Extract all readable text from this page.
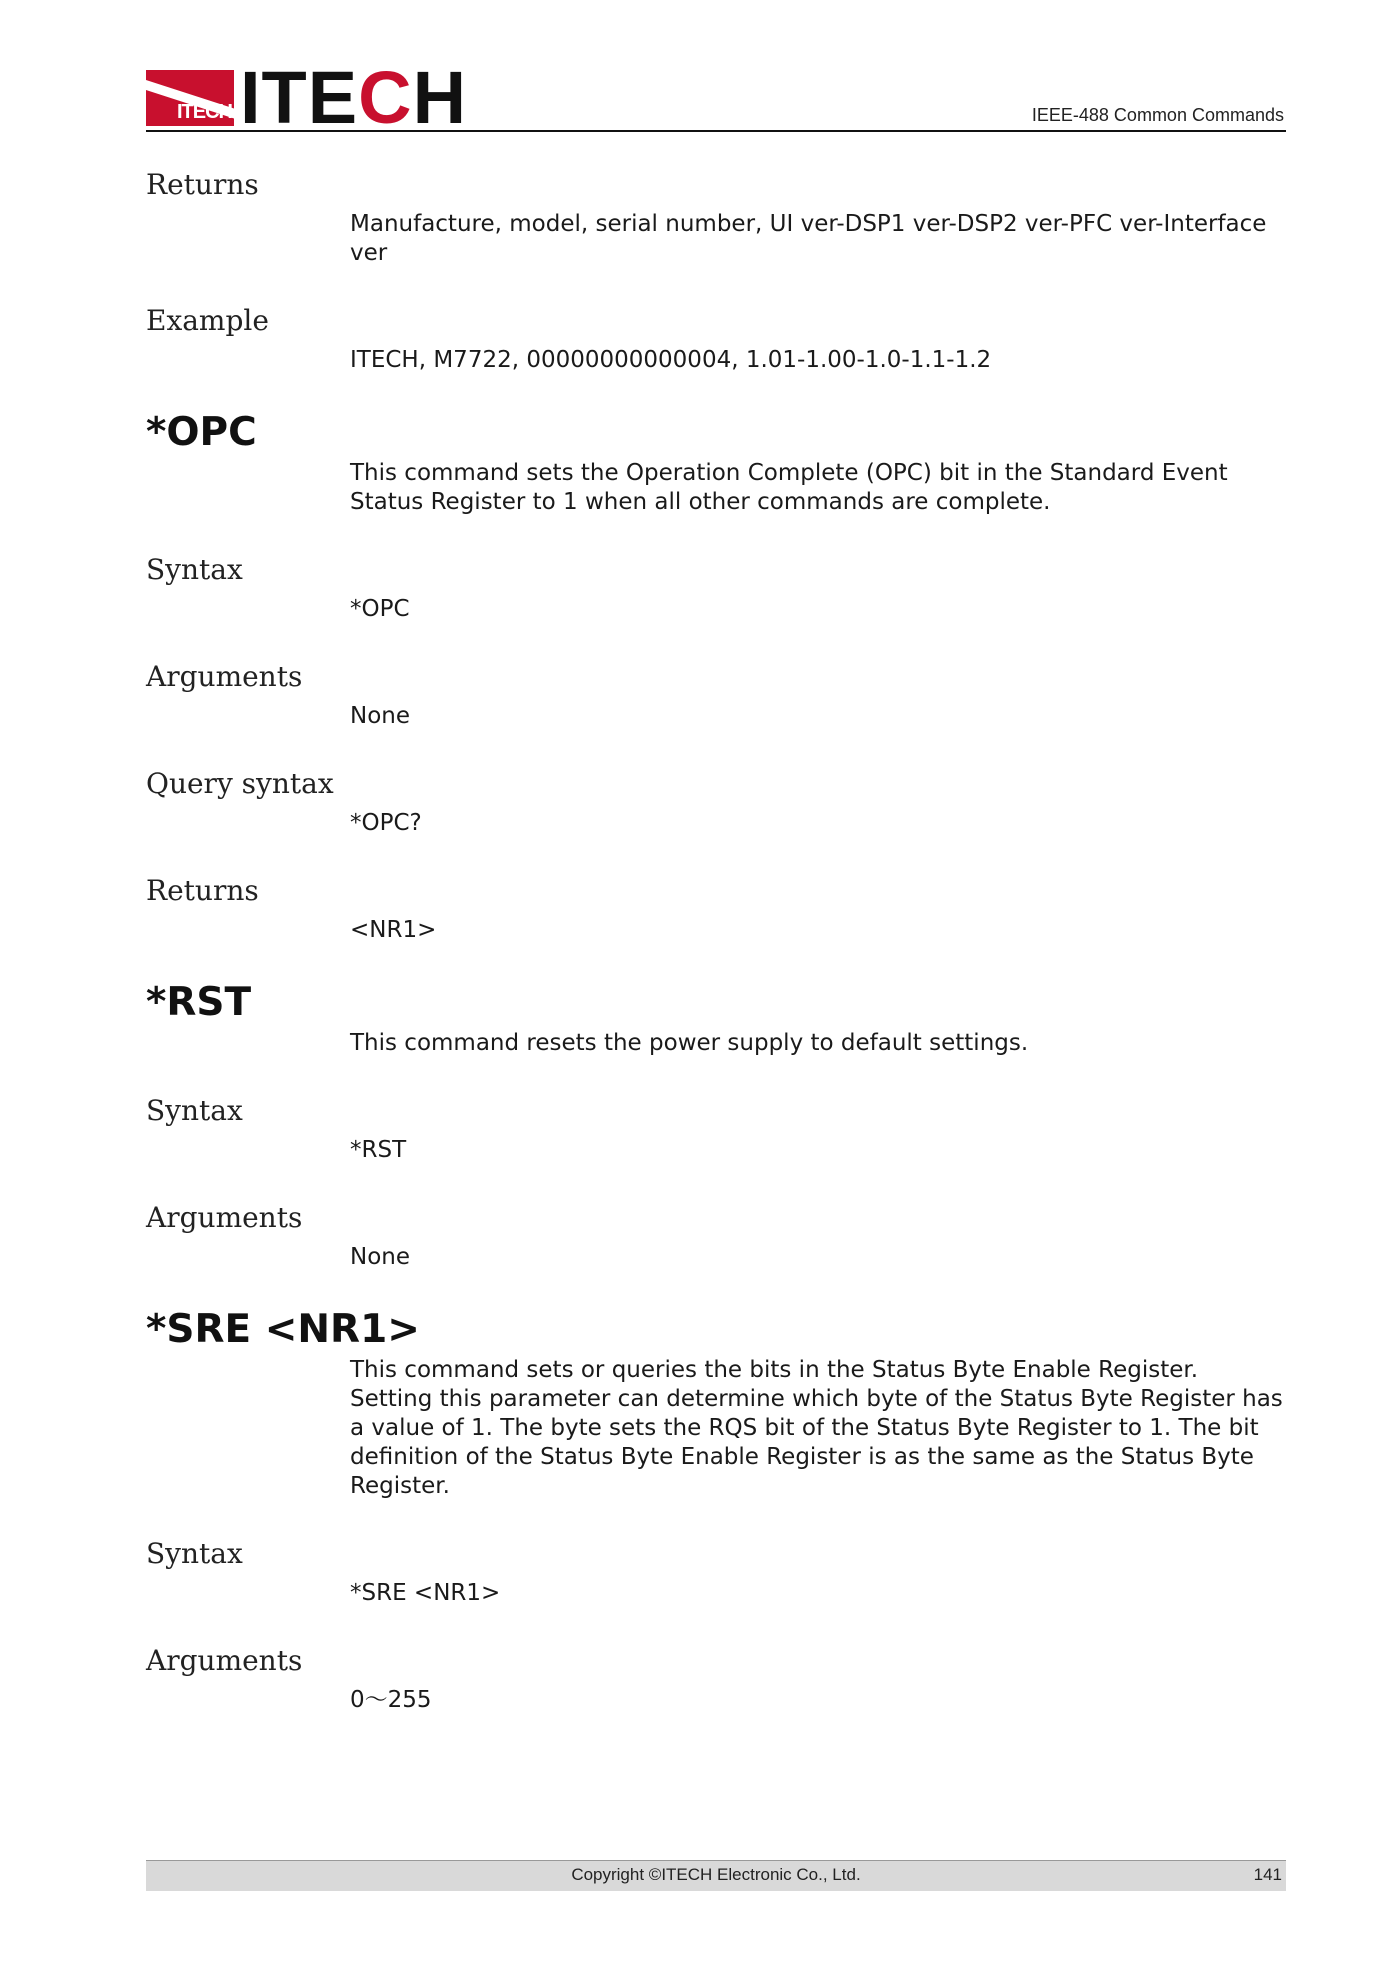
ITECH ITECH	IEEE-488 Common Commands

Returns

Manufacture, model, serial number, UI ver-DSP1 ver-DSP2 ver-PFC ver-Interface ver

Example

ITECH, M7722, 00000000000004, 1.01-1.00-1.0-1.1-1.2

*OPC

This command sets the Operation Complete (OPC) bit in the Standard Event Status Register to 1 when all other commands are complete.

Syntax

*OPC

Arguments

None

Query syntax

*OPC?

Returns

<NR1>

*RST

This command resets the power supply to default settings.

Syntax

*RST

Arguments

None

*SRE <NR1>

This command sets or queries the bits in the Status Byte Enable Register. Setting this parameter can determine which byte of the Status Byte Register has a value of 1. The byte sets the RQS bit of the Status Byte Register to 1. The bit definition of the Status Byte Enable Register is as the same as the Status Byte Register.

Syntax

*SRE <NR1>

Arguments

0～255

Copyright ©ITECH Electronic Co., Ltd.	141
